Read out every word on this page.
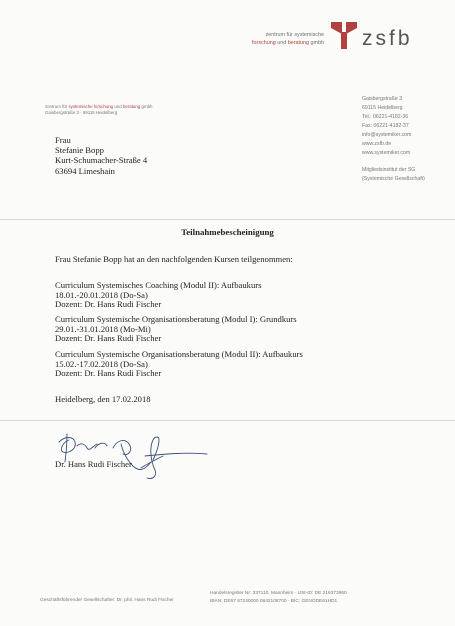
zentrum für systemische
forschung und beratung gmbh zsfb
zentrum für systemische forschung und beratung gmbh
Gaisbergstraße 3 · 69115 Heidelberg
Frau
Stefanie Bopp
Kurt-Schumacher-Straße 4
63694 Limeshain
Gaisbergstraße 3
69115 Heidelberg
Tel.: 06221-4182-36
Fax: 06221-4182-37
info@systemiker.com
www.zsfb.de
www.systemiker.com
Mitgliedsinstitut der SG
(Systemische Gesellschaft)
Teilnahmebescheinigung
Frau Stefanie Bopp hat an den nachfolgenden Kursen teilgenommen:
Curriculum Systemisches Coaching (Modul II): Aufbaukurs
18.01.-20.01.2018 (Do-Sa)
Dozent: Dr. Hans Rudi Fischer
Curriculum Systemische Organisationsberatung (Modul I): Grundkurs
29.01.-31.01.2018 (Mo-Mi)
Dozent: Dr. Hans Rudi Fischer
Curriculum Systemische Organisationsberatung (Modul II): Aufbaukurs
15.02.-17.02.2018 (Do-Sa)
Dozent: Dr. Hans Rudi Fischer
Heidelberg, den 17.02.2018
Dr. Hans Rudi Fischer
Geschäftsführender Gesellschafter: Dr. phil. Hans Rudi Fischer
Handelsregister Nr: 337110, Mannheim · USt-ID: DE 216373960
IBAN: DE67 67240000 0842108700 · BIC: GENODE61HD1
